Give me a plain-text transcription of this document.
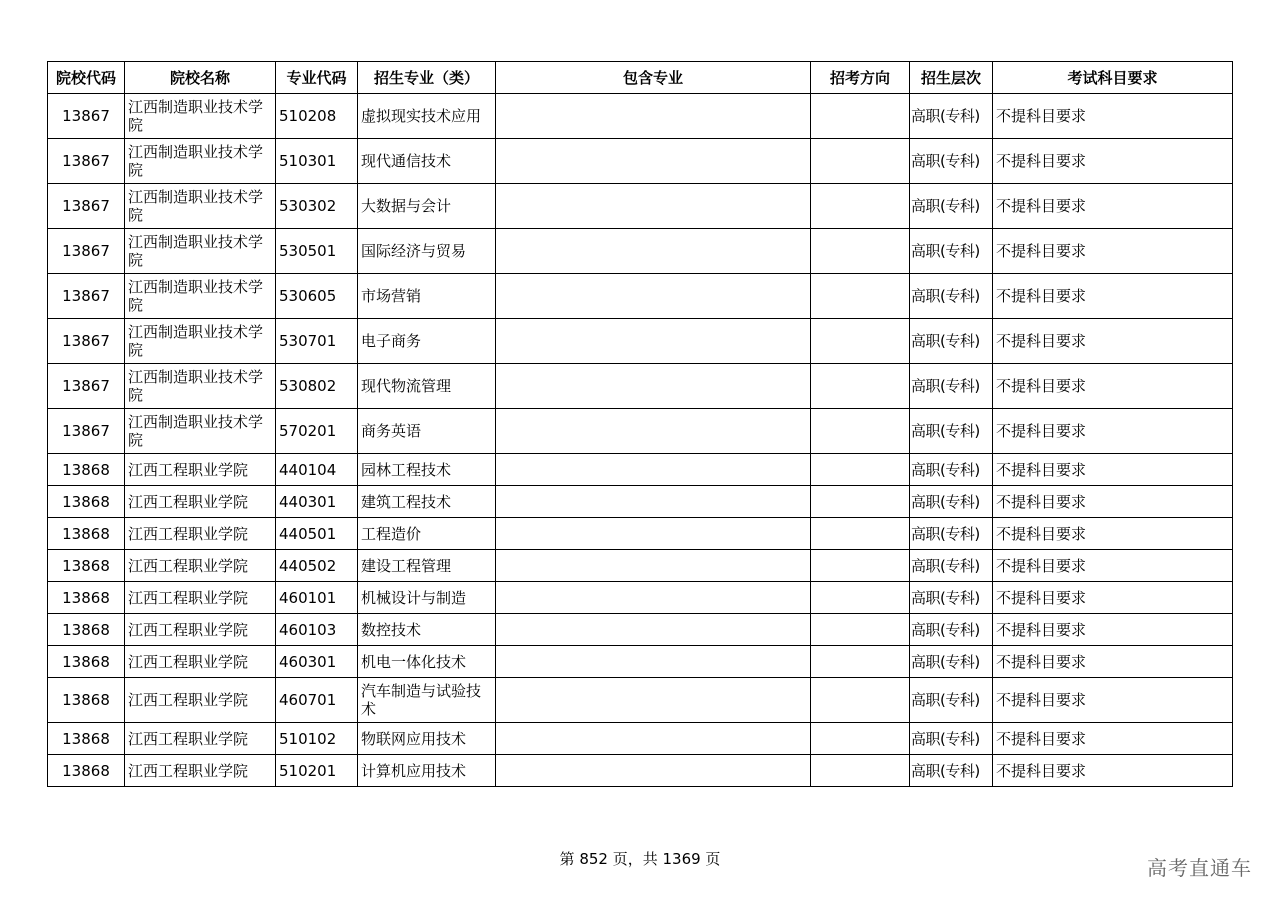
院校代码	院校名称	专业代码	招生专业（类）	包含专业	招考方向	招生层次	考试科目要求
13867	江西制造职业技术学院	510208	虚拟现实技术应用			高职(专科)	不提科目要求
13867	江西制造职业技术学院	510301	现代通信技术			高职(专科)	不提科目要求
13867	江西制造职业技术学院	530302	大数据与会计			高职(专科)	不提科目要求
13867	江西制造职业技术学院	530501	国际经济与贸易			高职(专科)	不提科目要求
13867	江西制造职业技术学院	530605	市场营销			高职(专科)	不提科目要求
13867	江西制造职业技术学院	530701	电子商务			高职(专科)	不提科目要求
13867	江西制造职业技术学院	530802	现代物流管理			高职(专科)	不提科目要求
13867	江西制造职业技术学院	570201	商务英语			高职(专科)	不提科目要求
13868	江西工程职业学院	440104	园林工程技术			高职(专科)	不提科目要求
13868	江西工程职业学院	440301	建筑工程技术			高职(专科)	不提科目要求
13868	江西工程职业学院	440501	工程造价			高职(专科)	不提科目要求
13868	江西工程职业学院	440502	建设工程管理			高职(专科)	不提科目要求
13868	江西工程职业学院	460101	机械设计与制造			高职(专科)	不提科目要求
13868	江西工程职业学院	460103	数控技术			高职(专科)	不提科目要求
13868	江西工程职业学院	460301	机电一体化技术			高职(专科)	不提科目要求
13868	江西工程职业学院	460701	汽车制造与试验技术			高职(专科)	不提科目要求
13868	江西工程职业学院	510102	物联网应用技术			高职(专科)	不提科目要求
13868	江西工程职业学院	510201	计算机应用技术			高职(专科)	不提科目要求
第 852 页，共 1369 页	高考直通车
